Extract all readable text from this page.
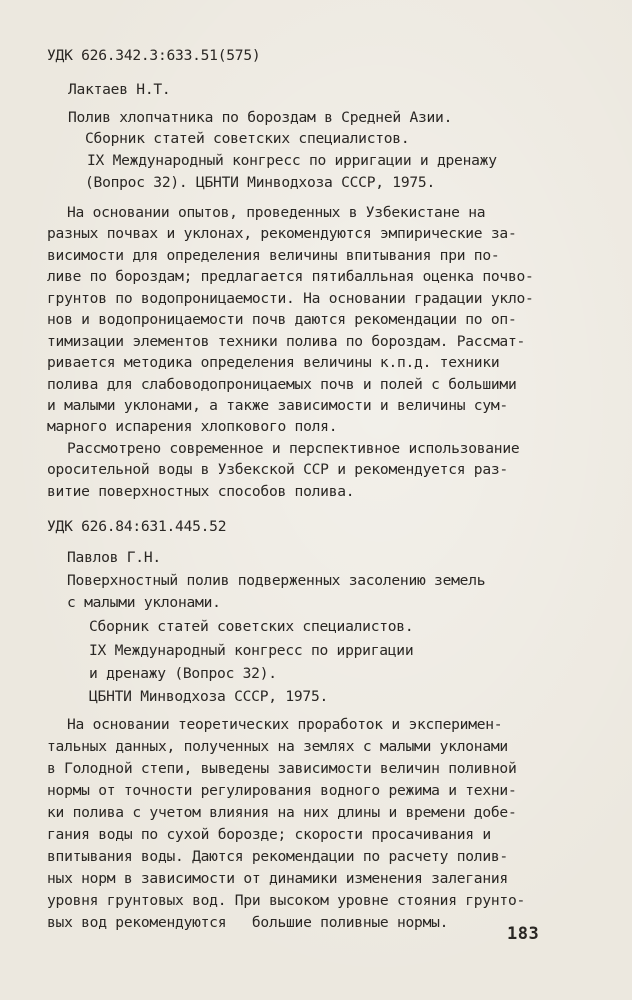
УДК 626.342.3:633.51(575)
Лактаев Н.Т.
Полив хлопчатника по бороздам в Средней Азии.
Сборник статей советских специалистов.
IX Международный конгресс по ирригации и дренажу
(Вопрос 32). ЦБНТИ Минводхоза СССР, 1975.
На основании опытов, проведенных в Узбекистане на
разных почвах и уклонах, рекомендуются эмпирические за-
висимости для определения величины впитывания при по-
ливе по бороздам; предлагается пятибалльная оценка почво-
грунтов по водопроницаемости. На основании градации укло-
нов и водопроницаемости почв даются рекомендации по оп-
тимизации элементов техники полива по бороздам. Рассмат-
ривается методика определения величины к.п.д. техники
полива для слабоводопроницаемых почв и полей с большими
и малыми уклонами, а также зависимости и величины сум-
марного испарения хлопкового поля.
Рассмотрено современное и перспективное использование
оросительной воды в Узбекской ССР и рекомендуется раз-
витие поверхностных способов полива.
УДК 626.84:631.445.52
Павлов Г.Н.
Поверхностный полив подверженных засолению земель
с малыми уклонами.
Сборник статей советских специалистов.
IX Международный конгресс по ирригации
и дренажу (Вопрос 32).
ЦБНТИ Минводхоза СССР, 1975.
На основании теоретических проработок и эксперимен-
тальных данных, полученных на землях с малыми уклонами
в Голодной степи, выведены зависимости величин поливной
нормы от точности регулирования водного режима и техни-
ки полива с учетом влияния на них длины и времени добе-
гания воды по сухой борозде; скорости просачивания и
впитывания воды. Даются рекомендации по расчету полив-
ных норм в зависимости от динамики изменения залегания
уровня грунтовых вод. При высоком уровне стояния грунто-
вых вод рекомендуются   большие поливные нормы.
183
